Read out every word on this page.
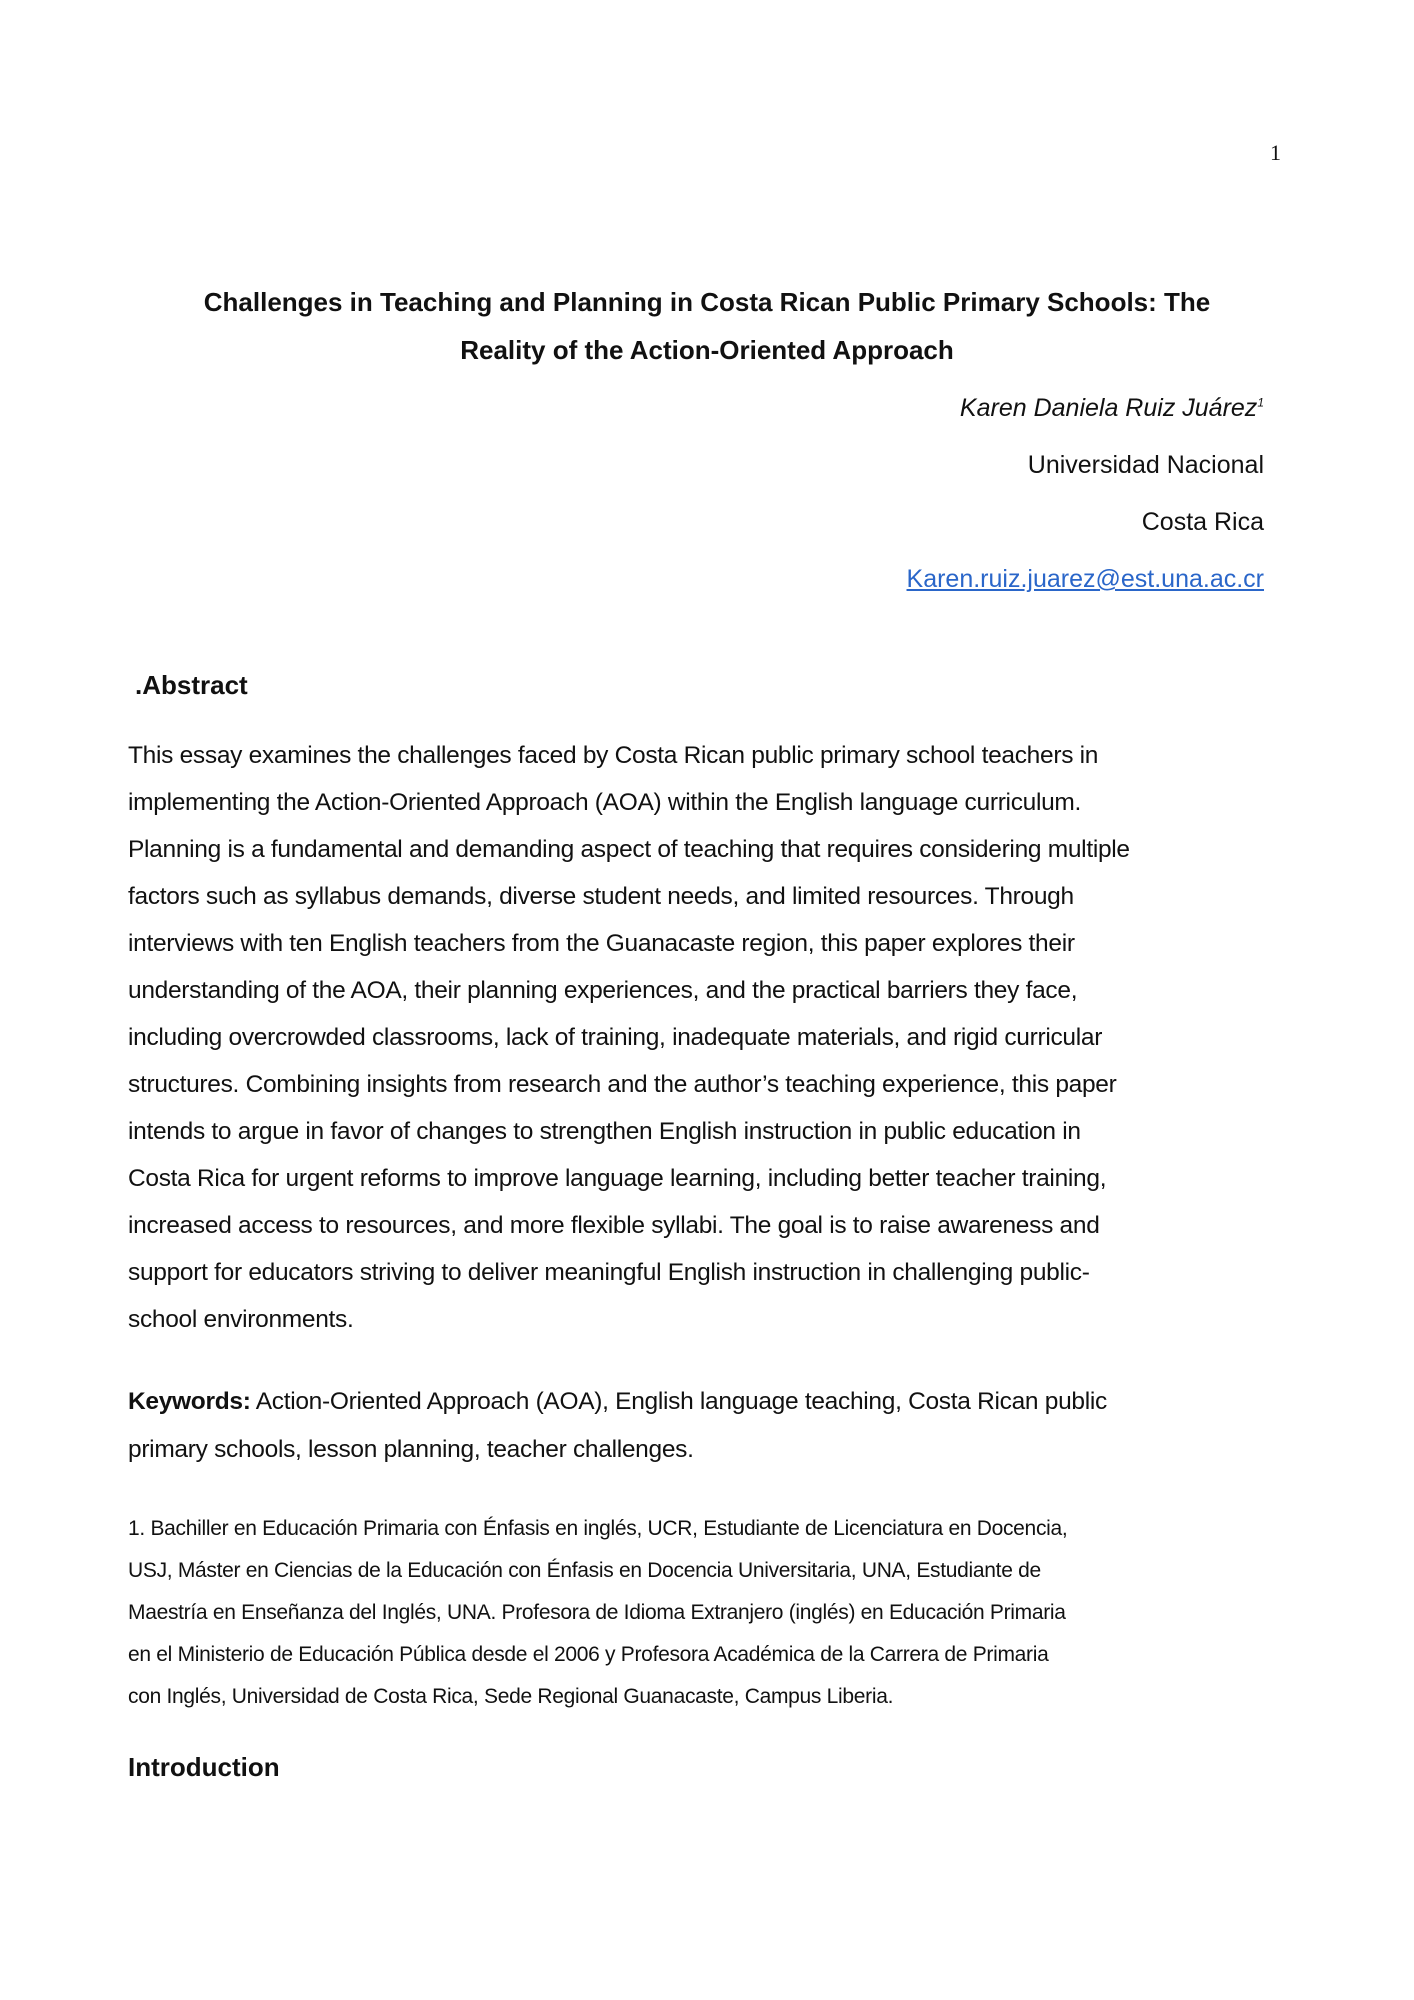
1
Challenges in Teaching and Planning in Costa Rican Public Primary Schools: The
Reality of the Action-Oriented Approach
Karen Daniela Ruiz Juárez$^1$
Universidad Nacional
Costa Rica
Karen.ruiz.juarez@est.una.ac.cr
.Abstract
This essay examines the challenges faced by Costa Rican public primary school teachers in
implementing the Action-Oriented Approach (AOA) within the English language curriculum.
Planning is a fundamental and demanding aspect of teaching that requires considering multiple
factors such as syllabus demands, diverse student needs, and limited resources. Through
interviews with ten English teachers from the Guanacaste region, this paper explores their
understanding of the AOA, their planning experiences, and the practical barriers they face,
including overcrowded classrooms, lack of training, inadequate materials, and rigid curricular
structures. Combining insights from research and the author’s teaching experience, this paper
intends to argue in favor of changes to strengthen English instruction in public education in
Costa Rica for urgent reforms to improve language learning, including better teacher training,
increased access to resources, and more flexible syllabi. The goal is to raise awareness and
support for educators striving to deliver meaningful English instruction in challenging public-
school environments.
Keywords: Action-Oriented Approach (AOA), English language teaching, Costa Rican public
primary schools, lesson planning, teacher challenges.
1. Bachiller en Educación Primaria con Énfasis en inglés, UCR, Estudiante de Licenciatura en Docencia,
USJ, Máster en Ciencias de la Educación con Énfasis en Docencia Universitaria, UNA, Estudiante de
Maestría en Enseñanza del Inglés, UNA. Profesora de Idioma Extranjero (inglés) en Educación Primaria
en el Ministerio de Educación Pública desde el 2006 y Profesora Académica de la Carrera de Primaria
con Inglés, Universidad de Costa Rica, Sede Regional Guanacaste, Campus Liberia.
Introduction
